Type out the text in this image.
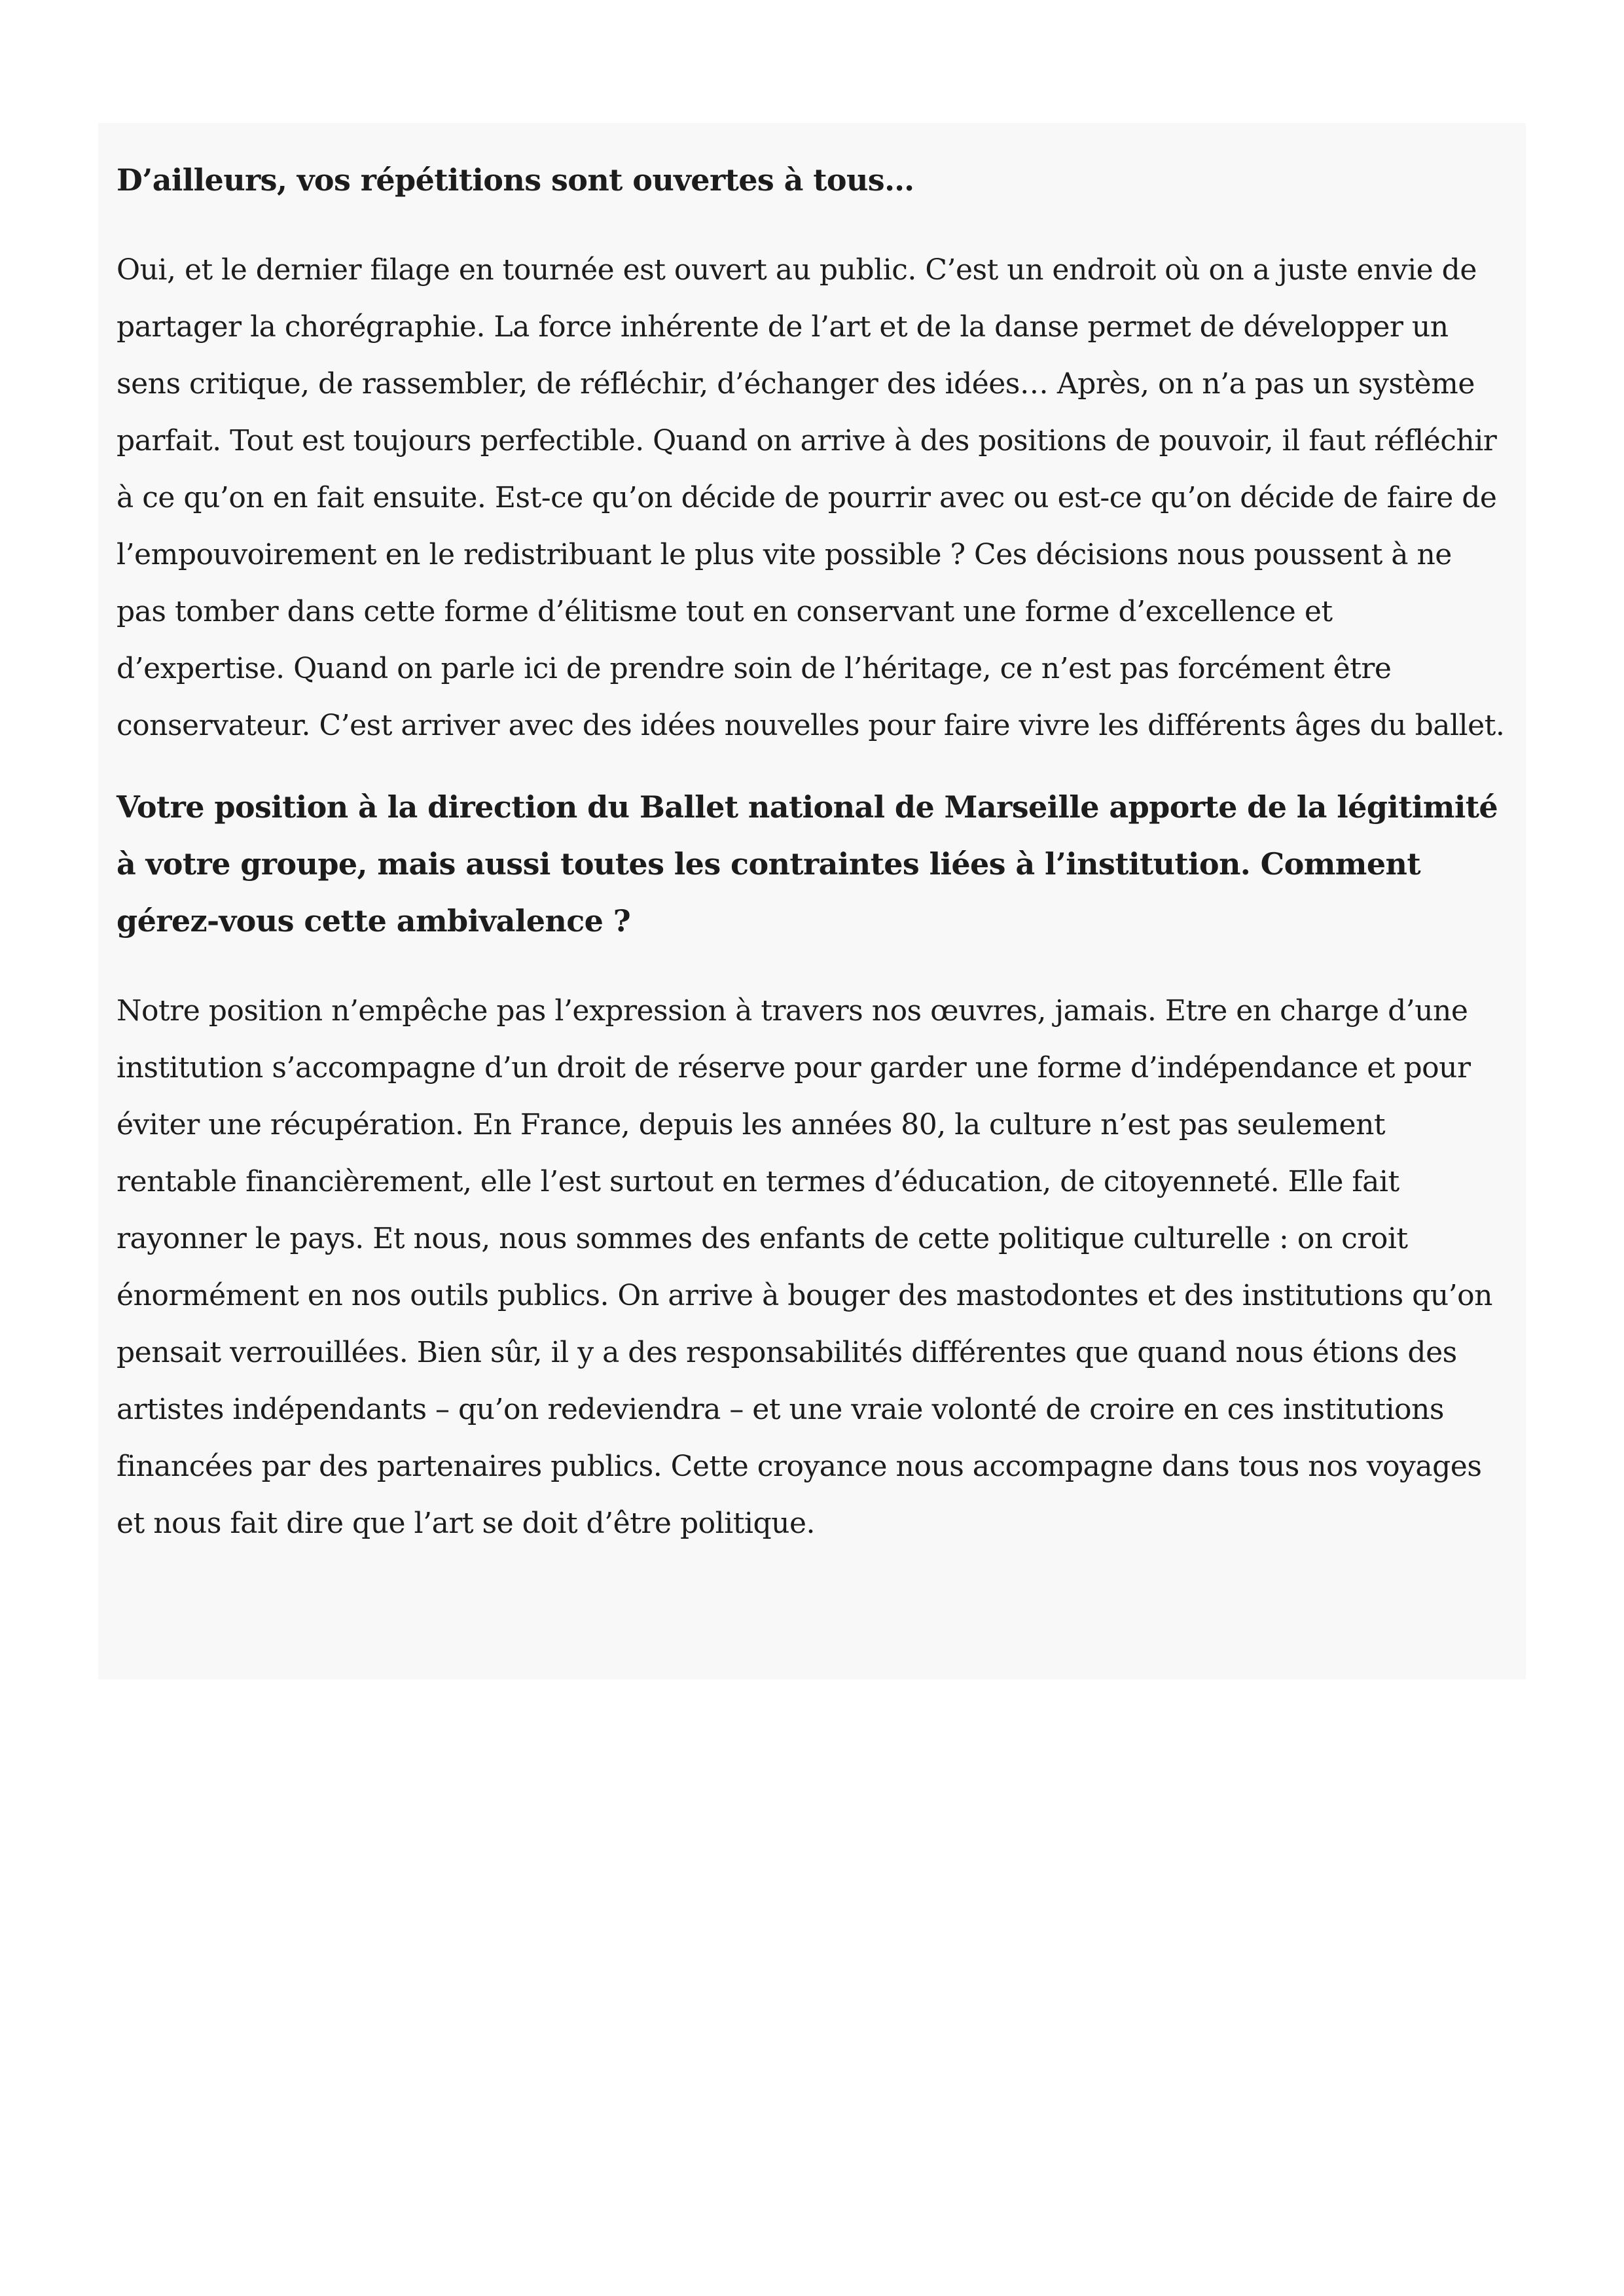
D’ailleurs, vos répétitions sont ouvertes à tous…

Oui, et le dernier filage en tournée est ouvert au public. C’est un endroit où on a juste envie de partager la chorégraphie. La force inhérente de l’art et de la danse permet de développer un sens critique, de rassembler, de réfléchir, d’échanger des idées… Après, on n’a pas un système parfait. Tout est toujours perfectible. Quand on arrive à des positions de pouvoir, il faut réfléchir à ce qu’on en fait ensuite. Est-ce qu’on décide de pourrir avec ou est-ce qu’on décide de faire de l’empouvoirement en le redistribuant le plus vite possible ? Ces décisions nous poussent à ne pas tomber dans cette forme d’élitisme tout en conservant une forme d’excellence et d’expertise. Quand on parle ici de prendre soin de l’héritage, ce n’est pas forcément être conservateur. C’est arriver avec des idées nouvelles pour faire vivre les différents âges du ballet.

Votre position à la direction du Ballet national de Marseille apporte de la légitimité à votre groupe, mais aussi toutes les contraintes liées à l’institution. Comment gérez-vous cette ambivalence ?

Notre position n’empêche pas l’expression à travers nos œuvres, jamais. Etre en charge d’une institution s’accompagne d’un droit de réserve pour garder une forme d’indépendance et pour éviter une récupération. En France, depuis les années 80, la culture n’est pas seulement rentable financièrement, elle l’est surtout en termes d’éducation, de citoyenneté. Elle fait rayonner le pays. Et nous, nous sommes des enfants de cette politique culturelle : on croit énormément en nos outils publics. On arrive à bouger des mastodontes et des institutions qu’on pensait verrouillées. Bien sûr, il y a des responsabilités différentes que quand nous étions des artistes indépendants – qu’on redeviendra – et une vraie volonté de croire en ces institutions financées par des partenaires publics. Cette croyance nous accompagne dans tous nos voyages et nous fait dire que l’art se doit d’être politique.
